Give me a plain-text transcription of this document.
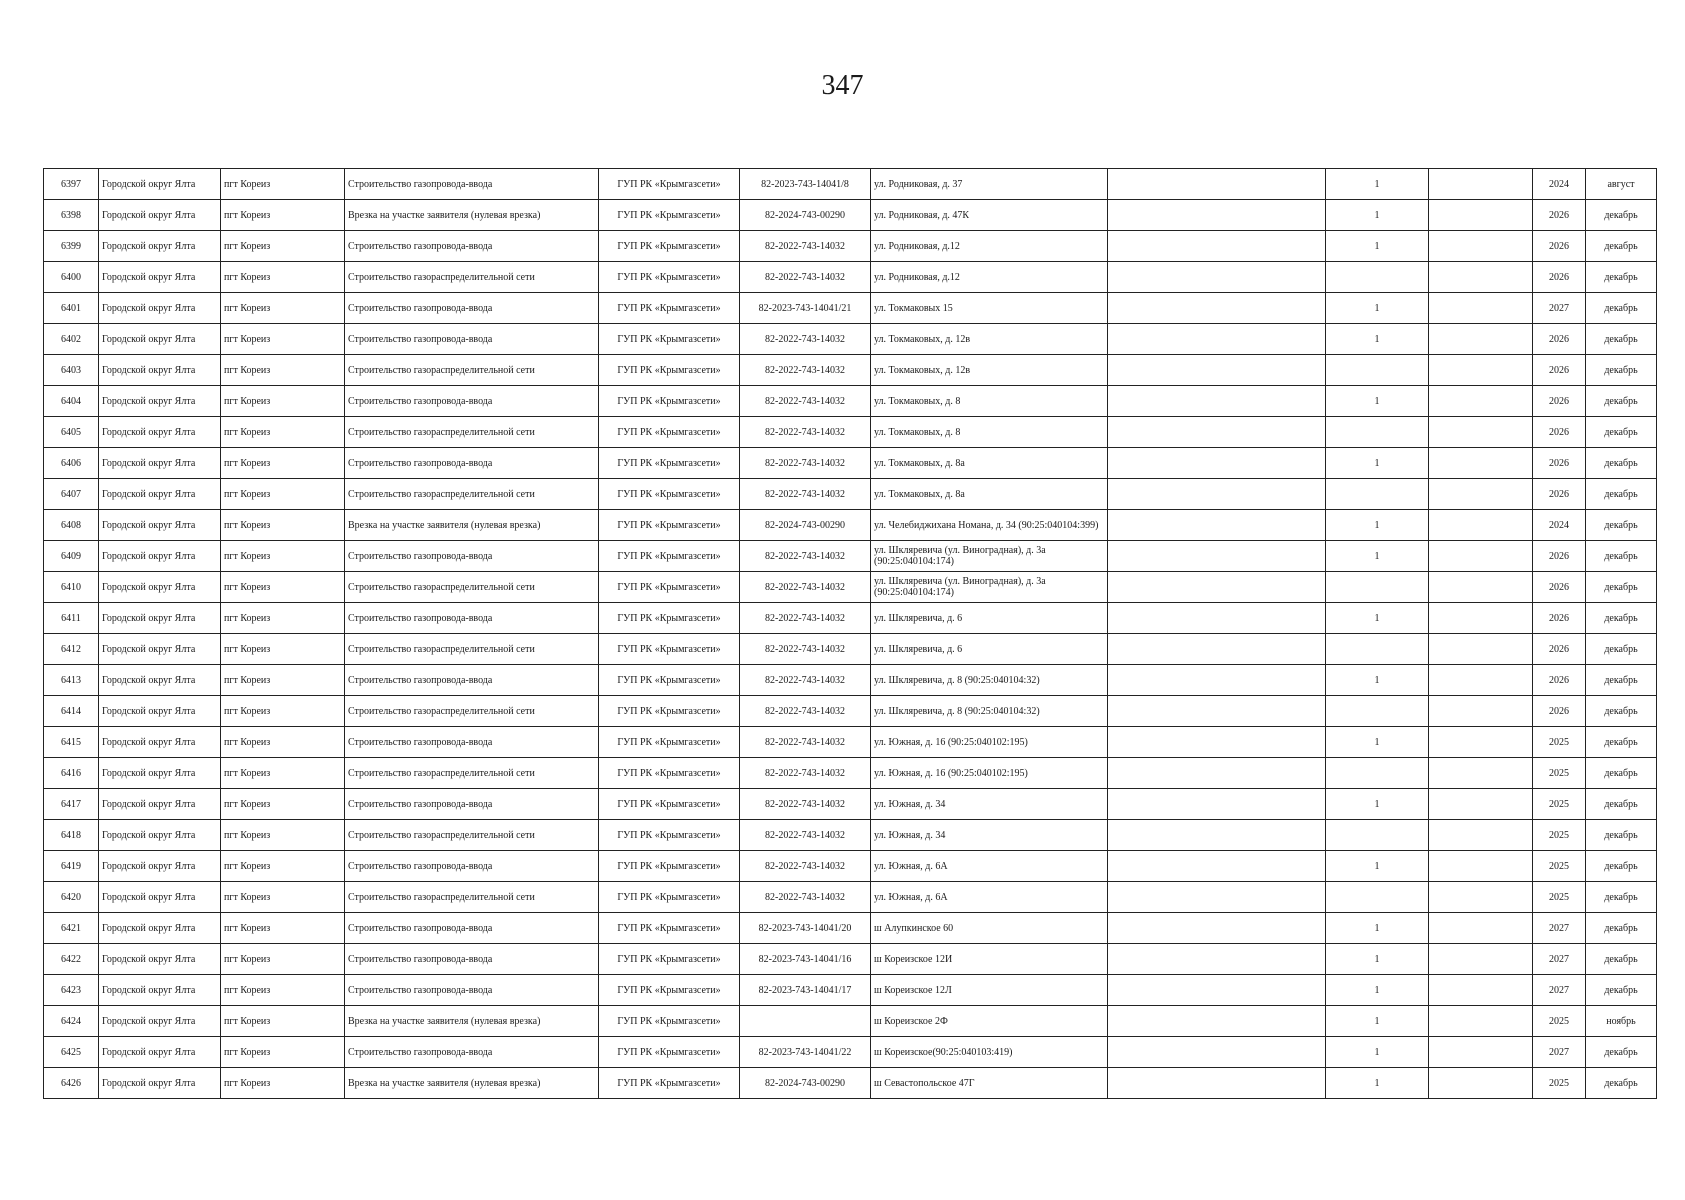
347
6397	Городской округ Ялта	пгт Кореиз	Строительство газопровода-ввода	ГУП РК «Крымгазсети»	82-2023-743-14041/8	ул. Родниковая, д. 37		1		2024	август
6398	Городской округ Ялта	пгт Кореиз	Врезка на участке заявителя (нулевая врезка)	ГУП РК «Крымгазсети»	82-2024-743-00290	ул. Родниковая, д. 47К		1		2026	декабрь
6399	Городской округ Ялта	пгт Кореиз	Строительство газопровода-ввода	ГУП РК «Крымгазсети»	82-2022-743-14032	ул. Родниковая, д.12		1		2026	декабрь
6400	Городской округ Ялта	пгт Кореиз	Строительство газораспределительной сети	ГУП РК «Крымгазсети»	82-2022-743-14032	ул. Родниковая, д.12				2026	декабрь
6401	Городской округ Ялта	пгт Кореиз	Строительство газопровода-ввода	ГУП РК «Крымгазсети»	82-2023-743-14041/21	ул. Токмаковых 15		1		2027	декабрь
6402	Городской округ Ялта	пгт Кореиз	Строительство газопровода-ввода	ГУП РК «Крымгазсети»	82-2022-743-14032	ул. Токмаковых, д. 12в		1		2026	декабрь
6403	Городской округ Ялта	пгт Кореиз	Строительство газораспределительной сети	ГУП РК «Крымгазсети»	82-2022-743-14032	ул. Токмаковых, д. 12в				2026	декабрь
6404	Городской округ Ялта	пгт Кореиз	Строительство газопровода-ввода	ГУП РК «Крымгазсети»	82-2022-743-14032	ул. Токмаковых, д. 8		1		2026	декабрь
6405	Городской округ Ялта	пгт Кореиз	Строительство газораспределительной сети	ГУП РК «Крымгазсети»	82-2022-743-14032	ул. Токмаковых, д. 8				2026	декабрь
6406	Городской округ Ялта	пгт Кореиз	Строительство газопровода-ввода	ГУП РК «Крымгазсети»	82-2022-743-14032	ул. Токмаковых, д. 8а		1		2026	декабрь
6407	Городской округ Ялта	пгт Кореиз	Строительство газораспределительной сети	ГУП РК «Крымгазсети»	82-2022-743-14032	ул. Токмаковых, д. 8а				2026	декабрь
6408	Городской округ Ялта	пгт Кореиз	Врезка на участке заявителя (нулевая врезка)	ГУП РК «Крымгазсети»	82-2024-743-00290	ул. Челебиджихана Номана, д. 34 (90:25:040104:399)		1		2024	декабрь
6409	Городской округ Ялта	пгт Кореиз	Строительство газопровода-ввода	ГУП РК «Крымгазсети»	82-2022-743-14032	ул. Шкляревича (ул. Виноградная), д. 3а (90:25:040104:174)		1		2026	декабрь
6410	Городской округ Ялта	пгт Кореиз	Строительство газораспределительной сети	ГУП РК «Крымгазсети»	82-2022-743-14032	ул. Шкляревича (ул. Виноградная), д. 3а (90:25:040104:174)				2026	декабрь
6411	Городской округ Ялта	пгт Кореиз	Строительство газопровода-ввода	ГУП РК «Крымгазсети»	82-2022-743-14032	ул. Шкляревича, д. 6		1		2026	декабрь
6412	Городской округ Ялта	пгт Кореиз	Строительство газораспределительной сети	ГУП РК «Крымгазсети»	82-2022-743-14032	ул. Шкляревича, д. 6				2026	декабрь
6413	Городской округ Ялта	пгт Кореиз	Строительство газопровода-ввода	ГУП РК «Крымгазсети»	82-2022-743-14032	ул. Шкляревича, д. 8 (90:25:040104:32)		1		2026	декабрь
6414	Городской округ Ялта	пгт Кореиз	Строительство газораспределительной сети	ГУП РК «Крымгазсети»	82-2022-743-14032	ул. Шкляревича, д. 8 (90:25:040104:32)				2026	декабрь
6415	Городской округ Ялта	пгт Кореиз	Строительство газопровода-ввода	ГУП РК «Крымгазсети»	82-2022-743-14032	ул. Южная, д. 16 (90:25:040102:195)		1		2025	декабрь
6416	Городской округ Ялта	пгт Кореиз	Строительство газораспределительной сети	ГУП РК «Крымгазсети»	82-2022-743-14032	ул. Южная, д. 16 (90:25:040102:195)				2025	декабрь
6417	Городской округ Ялта	пгт Кореиз	Строительство газопровода-ввода	ГУП РК «Крымгазсети»	82-2022-743-14032	ул. Южная, д. 34		1		2025	декабрь
6418	Городской округ Ялта	пгт Кореиз	Строительство газораспределительной сети	ГУП РК «Крымгазсети»	82-2022-743-14032	ул. Южная, д. 34				2025	декабрь
6419	Городской округ Ялта	пгт Кореиз	Строительство газопровода-ввода	ГУП РК «Крымгазсети»	82-2022-743-14032	ул. Южная, д. 6А		1		2025	декабрь
6420	Городской округ Ялта	пгт Кореиз	Строительство газораспределительной сети	ГУП РК «Крымгазсети»	82-2022-743-14032	ул. Южная, д. 6А				2025	декабрь
6421	Городской округ Ялта	пгт Кореиз	Строительство газопровода-ввода	ГУП РК «Крымгазсети»	82-2023-743-14041/20	ш Алупкинское 60		1		2027	декабрь
6422	Городской округ Ялта	пгт Кореиз	Строительство газопровода-ввода	ГУП РК «Крымгазсети»	82-2023-743-14041/16	ш Кореизское 12И		1		2027	декабрь
6423	Городской округ Ялта	пгт Кореиз	Строительство газопровода-ввода	ГУП РК «Крымгазсети»	82-2023-743-14041/17	ш Кореизское 12Л		1		2027	декабрь
6424	Городской округ Ялта	пгт Кореиз	Врезка на участке заявителя (нулевая врезка)	ГУП РК «Крымгазсети»		ш Кореизское 2Ф		1		2025	ноябрь
6425	Городской округ Ялта	пгт Кореиз	Строительство газопровода-ввода	ГУП РК «Крымгазсети»	82-2023-743-14041/22	ш Кореизское(90:25:040103:419)		1		2027	декабрь
6426	Городской округ Ялта	пгт Кореиз	Врезка на участке заявителя (нулевая врезка)	ГУП РК «Крымгазсети»	82-2024-743-00290	ш Севастопольское 47Г		1		2025	декабрь
